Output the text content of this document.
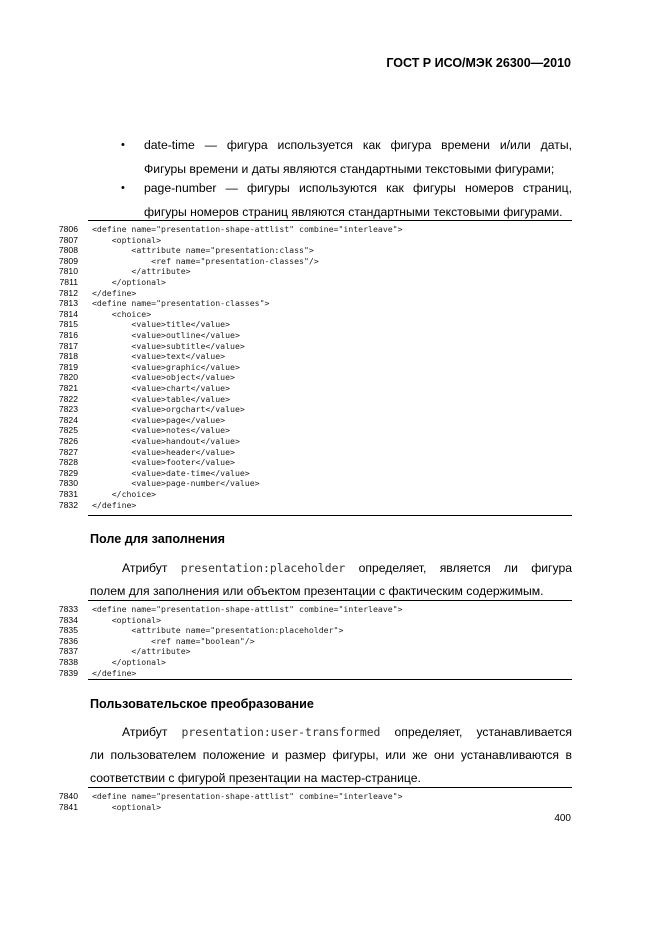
ГОСТ Р ИСО/МЭК 26300—2010
• date-time — фигура используется как фигура времени и/или даты,
Фигуры времени и даты являются стандартными текстовыми фигурами;
• page-number — фигуры используются как фигуры номеров страниц,
фигуры номеров страниц являются стандартными текстовыми фигурами.
7806 <define name="presentation-shape-attlist" combine="interleave">
7807 <optional>
7808 <attribute name="presentation:class">
7809 <ref name="presentation-classes"/>
7810 </attribute>
7811 </optional>
7812 </define>
7813 <define name="presentation-classes">
7814 <choice>
7815 <value>title</value>
7816 <value>outline</value>
7817 <value>subtitle</value>
7818 <value>text</value>
7819 <value>graphic</value>
7820 <value>object</value>
7821 <value>chart</value>
7822 <value>table</value>
7823 <value>orgchart</value>
7824 <value>page</value>
7825 <value>notes</value>
7826 <value>handout</value>
7827 <value>header</value>
7828 <value>footer</value>
7829 <value>date-time</value>
7830 <value>page-number</value>
7831 </choice>
7832 </define>
Поле для заполнения
Атрибут presentation:placeholder определяет, является ли фигура
полем для заполнения или объектом презентации с фактическим содержимым.
7833 <define name="presentation-shape-attlist" combine="interleave">
7834 <optional>
7835 <attribute name="presentation:placeholder">
7836 <ref name="boolean"/>
7837 </attribute>
7838 </optional>
7839 </define>
Пользовательское преобразование
Атрибут presentation:user-transformed определяет, устанавливается
ли пользователем положение и размер фигуры, или же они устанавливаются в
соответствии с фигурой презентации на мастер-странице.
7840 <define name="presentation-shape-attlist" combine="interleave">
7841 <optional>
400
